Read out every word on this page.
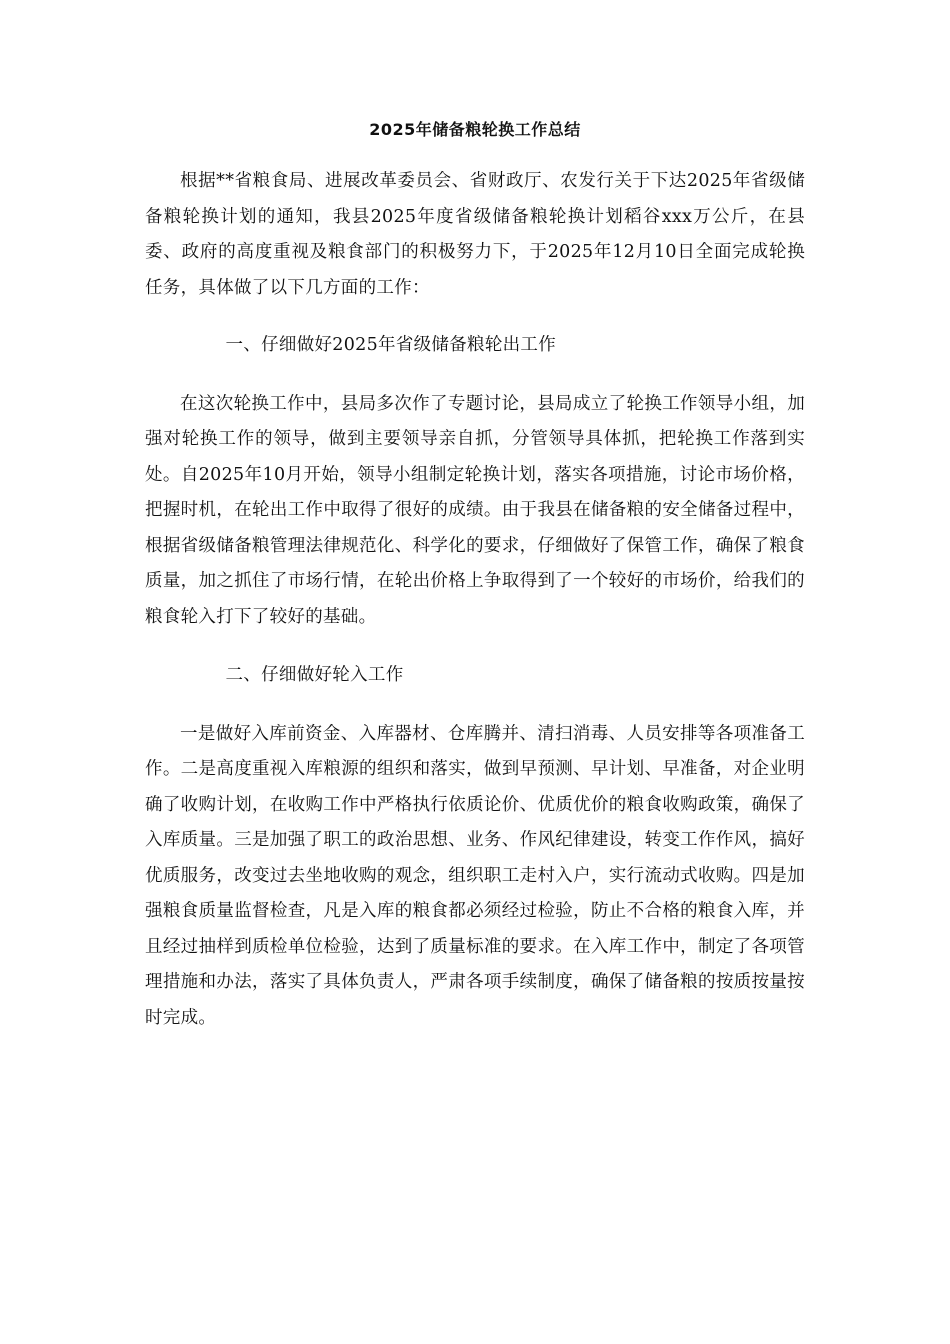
2025年储备粮轮换工作总结

根据**省粮食局、进展改革委员会、省财政厅、农发行关于下达2025年省级储备粮轮换计划的通知，我县2025年度省级储备粮轮换计划稻谷xxx万公斤，在县委、政府的高度重视及粮食部门的积极努力下，于2025年12月10日全面完成轮换任务，具体做了以下几方面的工作：

一、仔细做好2025年省级储备粮轮出工作

在这次轮换工作中，县局多次作了专题讨论，县局成立了轮换工作领导小组，加强对轮换工作的领导，做到主要领导亲自抓，分管领导具体抓，把轮换工作落到实处。自2025年10月开始，领导小组制定轮换计划，落实各项措施，讨论市场价格，把握时机，在轮出工作中取得了很好的成绩。由于我县在储备粮的安全储备过程中，根据省级储备粮管理法律规范化、科学化的要求，仔细做好了保管工作，确保了粮食质量，加之抓住了市场行情，在轮出价格上争取得到了一个较好的市场价，给我们的粮食轮入打下了较好的基础。

二、仔细做好轮入工作

一是做好入库前资金、入库器材、仓库腾并、清扫消毒、人员安排等各项准备工作。二是高度重视入库粮源的组织和落实，做到早预测、早计划、早准备，对企业明确了收购计划，在收购工作中严格执行依质论价、优质优价的粮食收购政策，确保了入库质量。三是加强了职工的政治思想、业务、作风纪律建设，转变工作作风，搞好优质服务，改变过去坐地收购的观念，组织职工走村入户，实行流动式收购。四是加强粮食质量监督检查，凡是入库的粮食都必须经过检验，防止不合格的粮食入库，并且经过抽样到质检单位检验，达到了质量标准的要求。在入库工作中，制定了各项管理措施和办法，落实了具体负责人，严肃各项手续制度，确保了储备粮的按质按量按时完成。
